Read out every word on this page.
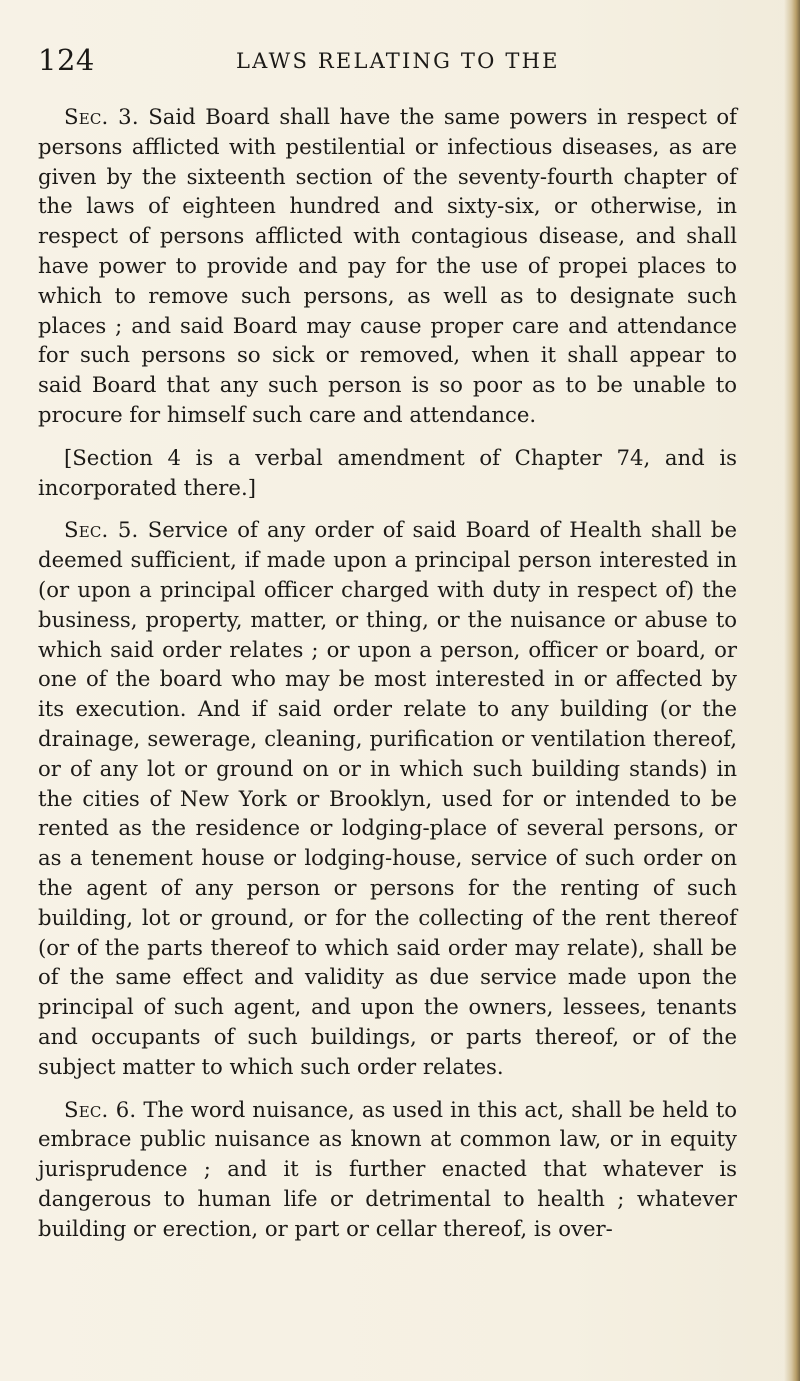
124	LAWS RELATING TO THE

Sec. 3. Said Board shall have the same powers in respect of persons afflicted with pestilential or infectious diseases, as are given by the sixteenth section of the seventy-fourth chapter of the laws of eighteen hundred and sixty-six, or otherwise, in respect of persons afflicted with contagious disease, and shall have power to provide and pay for the use of propei places to which to remove such persons, as well as to designate such places ; and said Board may cause proper care and attendance for such persons so sick or removed, when it shall appear to said Board that any such person is so poor as to be unable to procure for himself such care and attendance.

[Section 4 is a verbal amendment of Chapter 74, and is incorporated there.]

Sec. 5. Service of any order of said Board of Health shall be deemed sufficient, if made upon a principal person interested in (or upon a principal officer charged with duty in respect of) the business, property, matter, or thing, or the nuisance or abuse to which said order relates ; or upon a person, officer or board, or one of the board who may be most interested in or affected by its execution. And if said order relate to any building (or the drainage, sewerage, cleaning, purification or ventilation thereof, or of any lot or ground on or in which such building stands) in the cities of New York or Brooklyn, used for or intended to be rented as the residence or lodging-place of several persons, or as a tenement house or lodging-house, service of such order on the agent of any person or persons for the renting of such building, lot or ground, or for the collecting of the rent thereof (or of the parts thereof to which said order may relate), shall be of the same effect and validity as due service made upon the principal of such agent, and upon the owners, lessees, tenants and occupants of such buildings, or parts thereof, or of the subject matter to which such order relates.

Sec. 6. The word nuisance, as used in this act, shall be held to embrace public nuisance as known at common law, or in equity jurisprudence ; and it is further enacted that whatever is dangerous to human life or detrimental to health ; whatever building or erection, or part or cellar thereof, is over-
